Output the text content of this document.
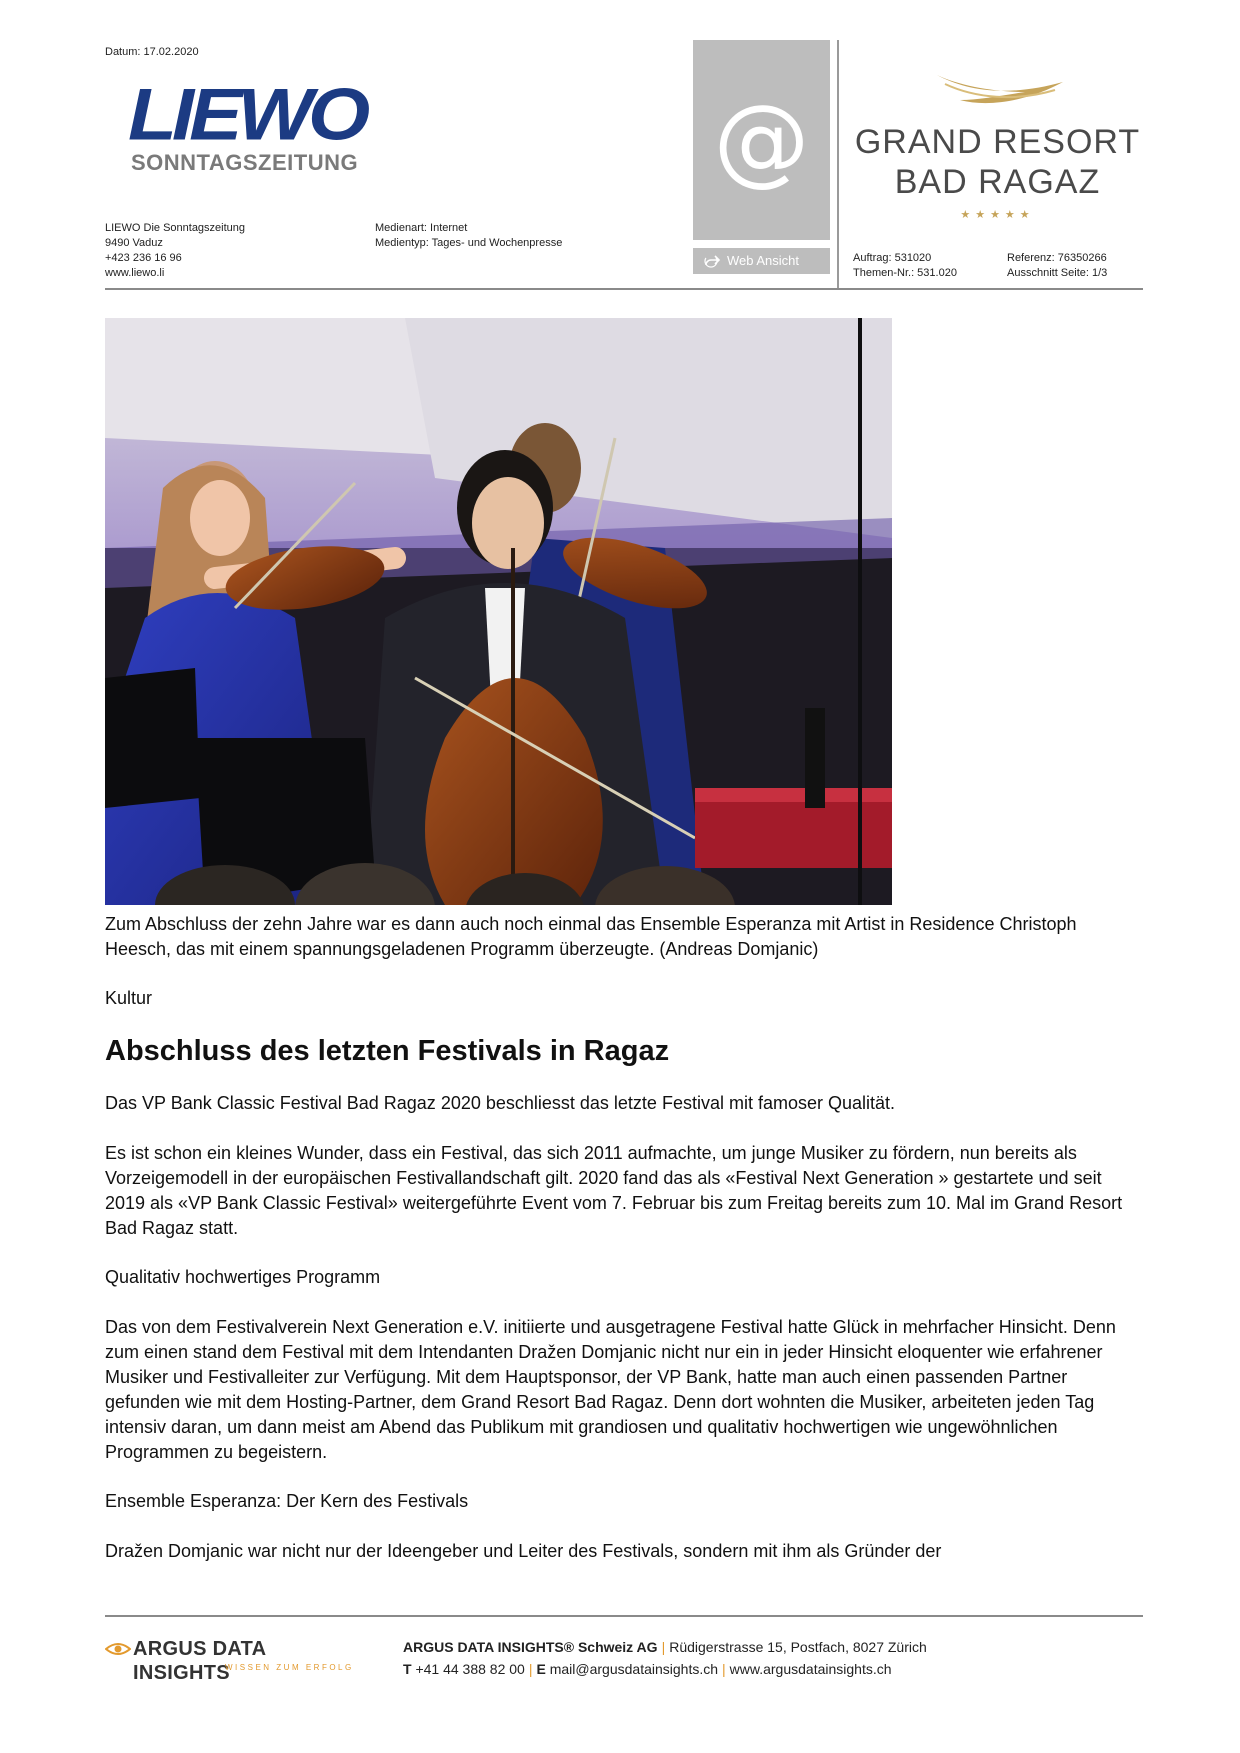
Datum: 17.02.2020
LIEWO
SONNTAGSZEITUNG
LIEWO Die Sonntagszeitung
9490 Vaduz
+423 236 16 96
www.liewo.li
Medienart: Internet
Medientyp: Tages- und Wochenpresse
@
Web Ansicht
GRAND RESORT
BAD RAGAZ
★★★★★
Auftrag: 531020
Themen-Nr.: 531.020
Referenz: 76350266
Ausschnitt Seite: 1/3
Zum Abschluss der zehn Jahre war es dann auch noch einmal das Ensemble Esperanza mit Artist in Residence Christoph Heesch, das mit einem spannungsgeladenen Programm überzeugte. (Andreas Domjanic)
Kultur
Abschluss des letzten Festivals in Ragaz
Das VP Bank Classic Festival Bad Ragaz 2020 beschliesst das letzte Festival mit famoser Qualität.
Es ist schon ein kleines Wunder, dass ein Festival, das sich 2011 aufmachte, um junge Musiker zu fördern, nun bereits als Vorzeigemodell in der europäischen Festivallandschaft gilt. 2020 fand das als «Festival Next Generation » gestartete und seit 2019 als «VP Bank Classic Festival» weitergeführte Event vom 7. Februar bis zum Freitag bereits zum 10. Mal im Grand Resort Bad Ragaz statt.
Qualitativ hochwertiges Programm
Das von dem Festivalverein Next Generation e.V. initiierte und ausgetragene Festival hatte Glück in mehrfacher Hinsicht. Denn zum einen stand dem Festival mit dem Intendanten Dražen Domjanic nicht nur ein in jeder Hinsicht eloquenter wie erfahrener Musiker und Festivalleiter zur Verfügung. Mit dem Hauptsponsor, der VP Bank, hatte man auch einen passenden Partner gefunden wie mit dem Hosting-Partner, dem Grand Resort Bad Ragaz. Denn dort wohnten die Musiker, arbeiteten jeden Tag intensiv daran, um dann meist am Abend das Publikum mit grandiosen und qualitativ hochwertigen wie ungewöhnlichen Programmen zu begeistern.
Ensemble Esperanza: Der Kern des Festivals
Dražen Domjanic war nicht nur der Ideengeber und Leiter des Festivals, sondern mit ihm als Gründer der
ARGUS DATA INSIGHTS
WISSEN ZUM ERFOLG
ARGUS DATA INSIGHTS® Schweiz AG | Rüdigerstrasse 15, Postfach, 8027 Zürich
T +41 44 388 82 00 | E mail@argusdatainsights.ch | www.argusdatainsights.ch
